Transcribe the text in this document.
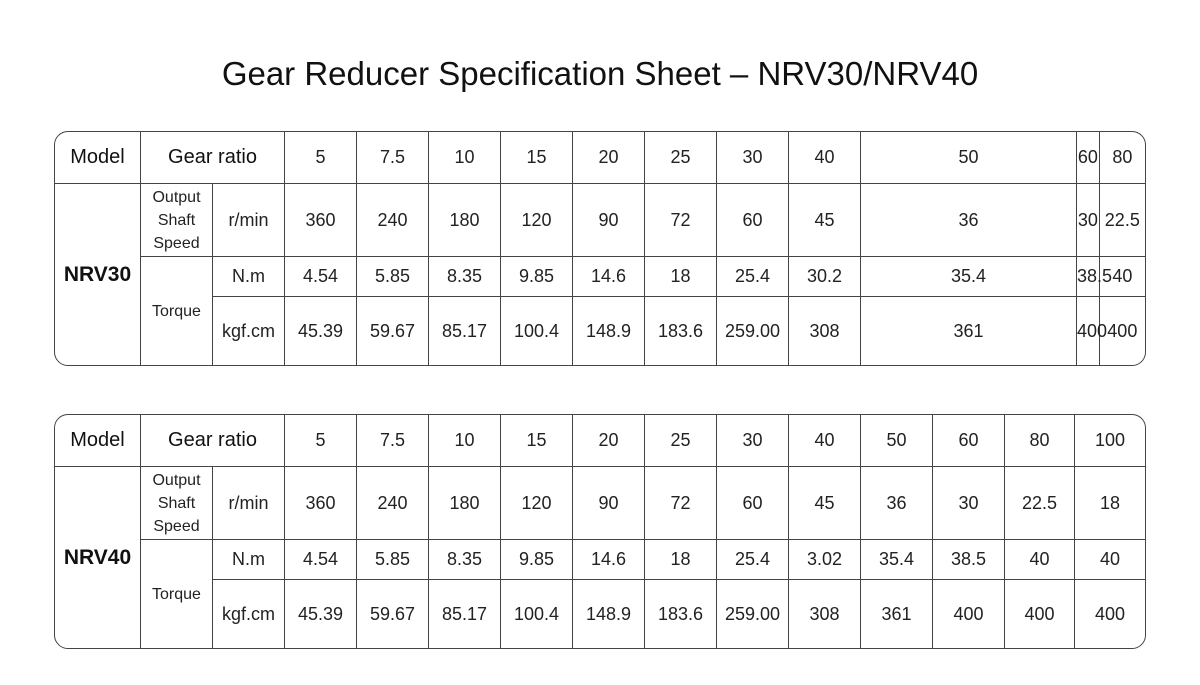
Gear Reducer Specification Sheet – NRV30/NRV40
Model	Gear ratio		5	7.5	10	15	20	25	30	40	50	60	80
NRV30	Output
Shaft
Speed	r/min	360	240	180	120	90	72	60	45	36	30	22.5
	Torque	N.m	4.54	5.85	8.35	9.85	14.6	18	25.4	30.2	35.4	38.5	40
		kgf.cm	45.39	59.67	85.17	100.4	148.9	183.6	259.00	308	361	400	400
Model	Gear ratio		5	7.5	10	15	20	25	30	40	50	60	80	100
NRV40	Output
Shaft
Speed	r/min	360	240	180	120	90	72	60	45	36	30	22.5	18
	Torque	N.m	4.54	5.85	8.35	9.85	14.6	18	25.4	3.02	35.4	38.5	40	40
		kgf.cm	45.39	59.67	85.17	100.4	148.9	183.6	259.00	308	361	400	400	400
